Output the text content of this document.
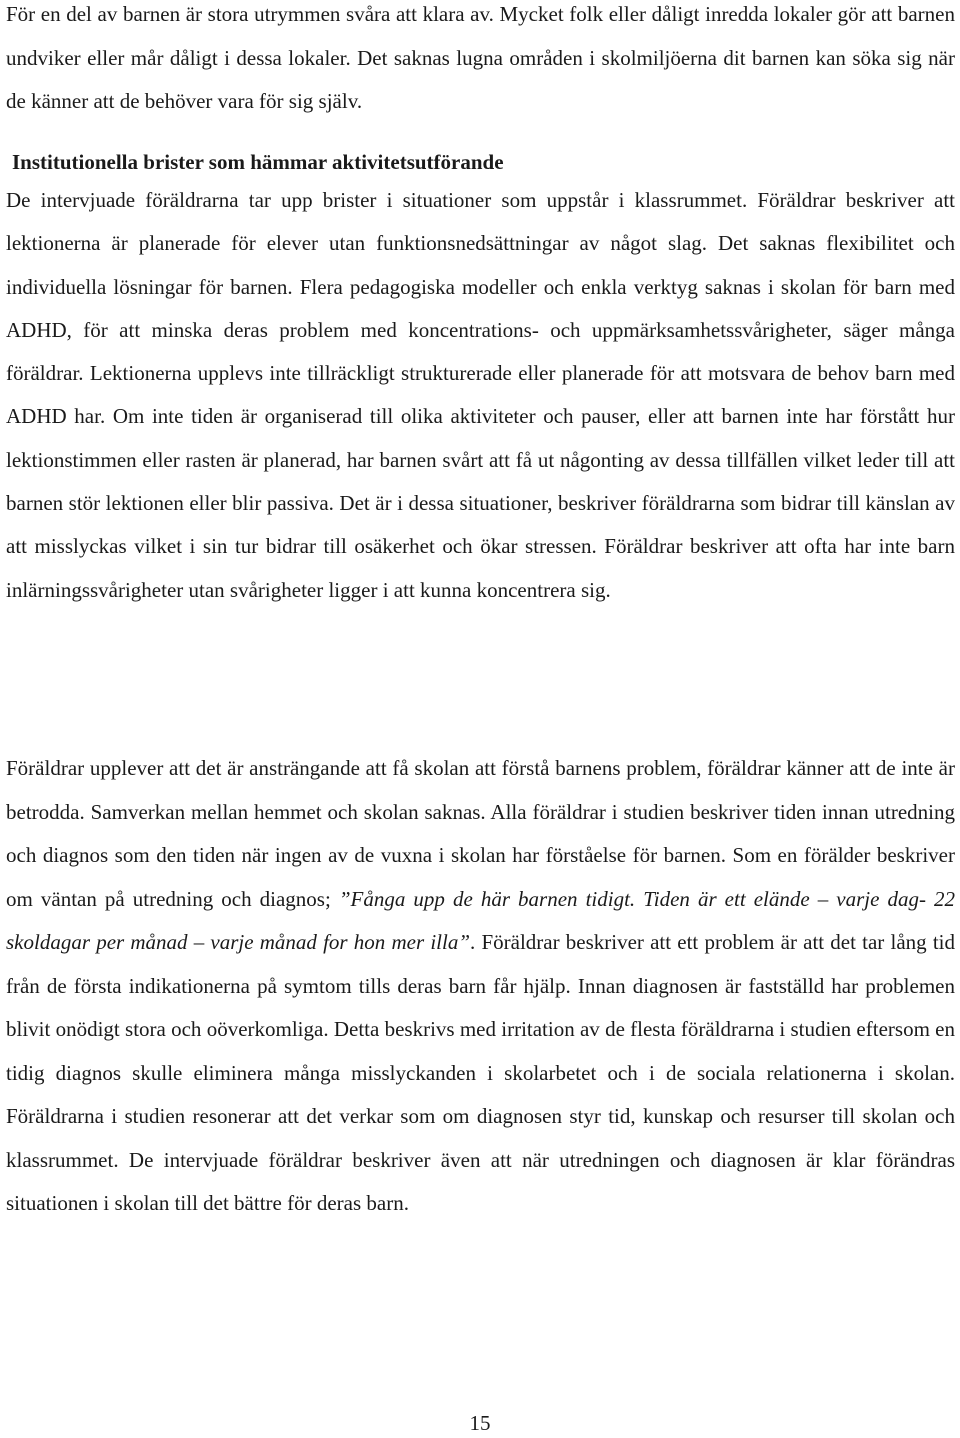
För en del av barnen är stora utrymmen svåra att klara av. Mycket folk eller dåligt inredda lokaler gör att barnen undviker eller mår dåligt i dessa lokaler. Det saknas lugna områden i skolmiljöerna dit barnen kan söka sig när de känner att de behöver vara för sig själv.

Institutionella brister som hämmar aktivitetsutförande

De intervjuade föräldrarna tar upp brister i situationer som uppstår i klassrummet. Föräldrar beskriver att lektionerna är planerade för elever utan funktionsnedsättningar av något slag. Det saknas flexibilitet och individuella lösningar för barnen. Flera pedagogiska modeller och enkla verktyg saknas i skolan för barn med ADHD, för att minska deras problem med koncentrations- och uppmärksamhetssvårigheter, säger många föräldrar. Lektionerna upplevs inte tillräckligt strukturerade eller planerade för att motsvara de behov barn med ADHD har. Om inte tiden är organiserad till olika aktiviteter och pauser, eller att barnen inte har förstått hur lektionstimmen eller rasten är planerad, har barnen svårt att få ut någonting av dessa tillfällen vilket leder till att barnen stör lektionen eller blir passiva. Det är i dessa situationer, beskriver föräldrarna som bidrar till känslan av att misslyckas vilket i sin tur bidrar till osäkerhet och ökar stressen. Föräldrar beskriver att ofta har inte barn inlärningssvårigheter utan svårigheter ligger i att kunna koncentrera sig.

Föräldrar upplever att det är ansträngande att få skolan att förstå barnens problem, föräldrar känner att de inte är betrodda. Samverkan mellan hemmet och skolan saknas. Alla föräldrar i studien beskriver tiden innan utredning och diagnos som den tiden när ingen av de vuxna i skolan har förståelse för barnen. Som en förälder beskriver om väntan på utredning och diagnos; ”Fånga upp de här barnen tidigt. Tiden är ett elände – varje dag- 22 skoldagar per månad – varje månad for hon mer illa”. Föräldrar beskriver att ett problem är att det tar lång tid från de första indikationerna på symtom tills deras barn får hjälp. Innan diagnosen är fastställd har problemen blivit onödigt stora och oöverkomliga. Detta beskrivs med irritation av de flesta föräldrarna i studien eftersom en tidig diagnos skulle eliminera många misslyckanden i skolarbetet och i de sociala relationerna i skolan. Föräldrarna i studien resonerar att det verkar som om diagnosen styr tid, kunskap och resurser till skolan och klassrummet. De intervjuade föräldrar beskriver även att när utredningen och diagnosen är klar förändras situationen i skolan till det bättre för deras barn.

15
